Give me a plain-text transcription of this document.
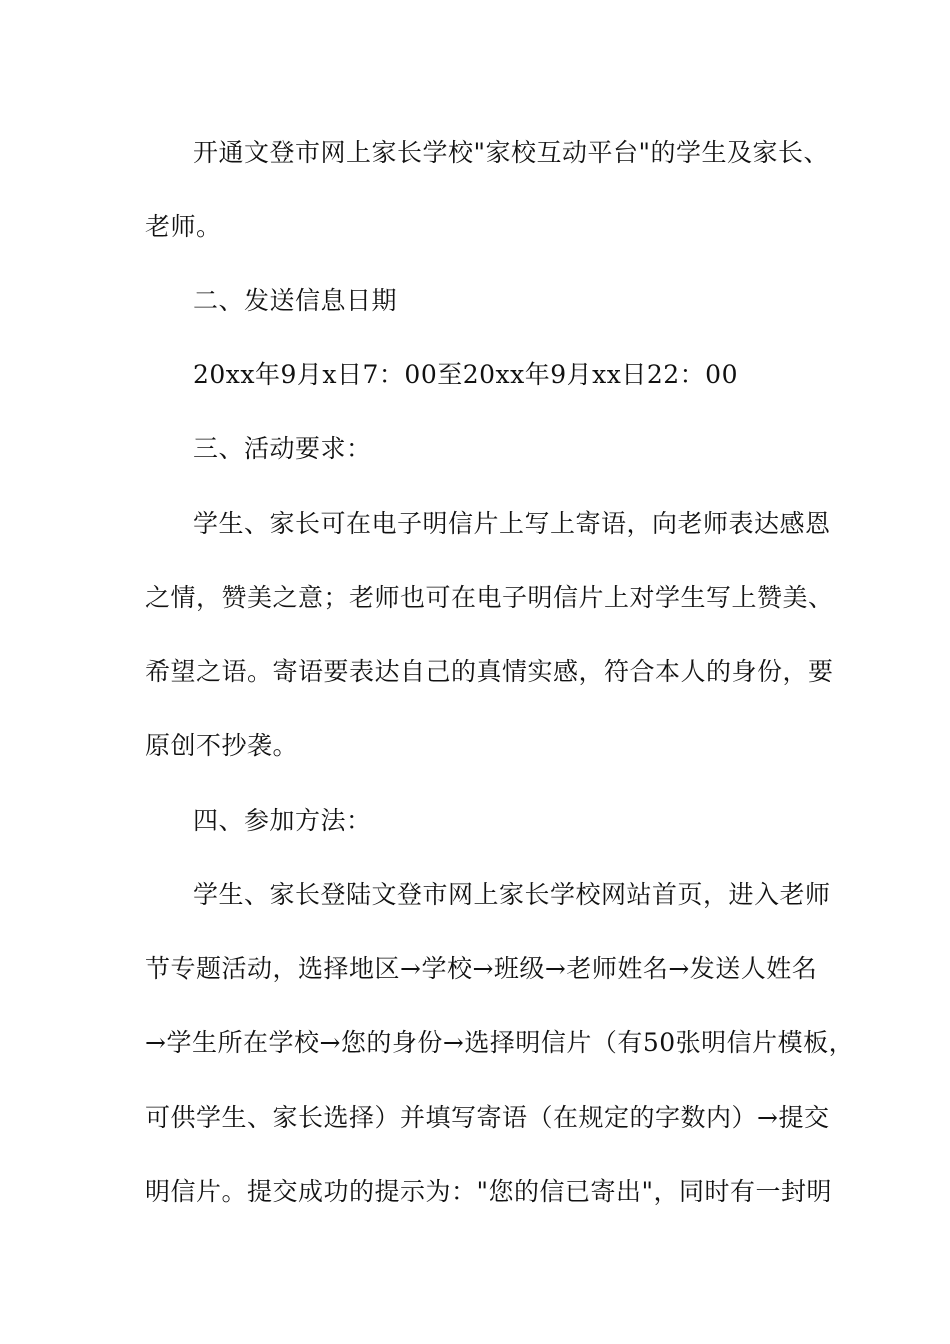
开通文登市网上家长学校"家校互动平台"的学生及家长、
老师。
二、发送信息日期
20xx年9月x日7：00至20xx年9月xx日22：00
三、活动要求：
学生、家长可在电子明信片上写上寄语，向老师表达感恩
之情，赞美之意；老师也可在电子明信片上对学生写上赞美、
希望之语。寄语要表达自己的真情实感，符合本人的身份，要
原创不抄袭。
四、参加方法：
学生、家长登陆文登市网上家长学校网站首页，进入老师
节专题活动，选择地区→学校→班级→老师姓名→发送人姓名
→学生所在学校→您的身份→选择明信片（有50张明信片模板，
可供学生、家长选择）并填写寄语（在规定的字数内）→提交
明信片。提交成功的提示为："您的信已寄出"，同时有一封明
